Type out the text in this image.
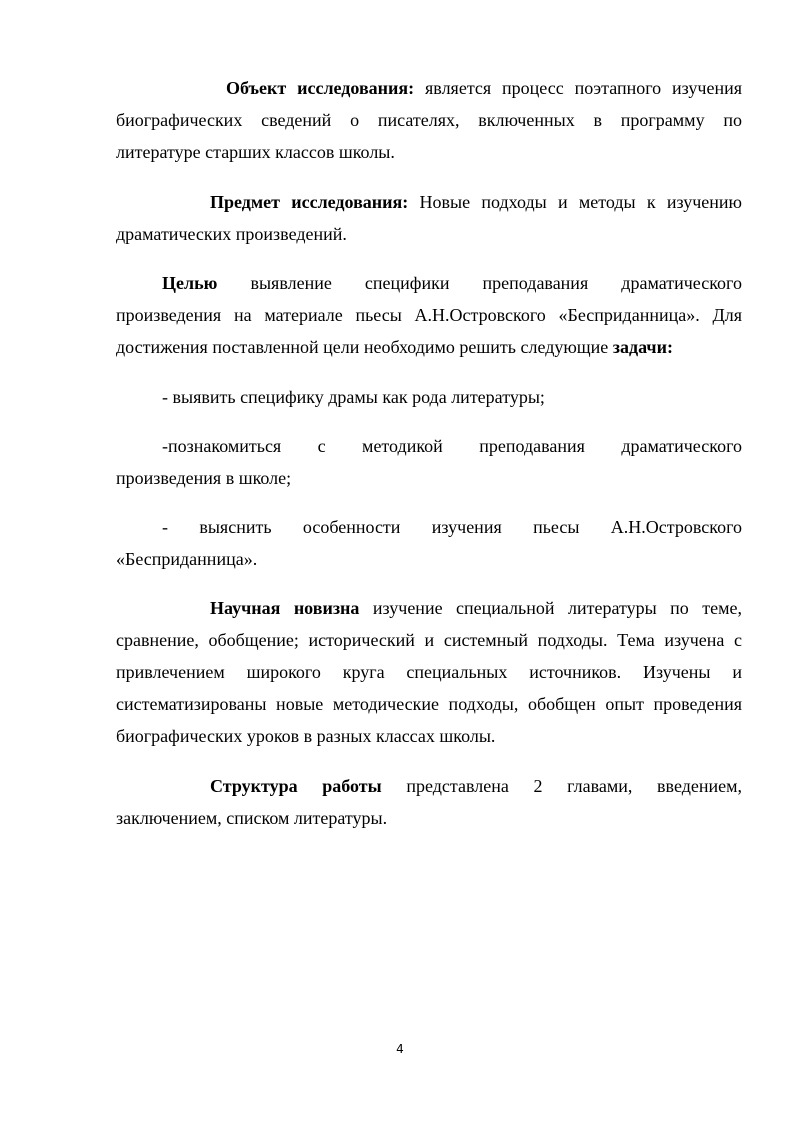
Объект исследования: является процесс поэтапного изучения
биографических сведений о писателях, включенных в программу по
литературе старших классов школы.
Предмет исследования: Новые подходы и методы к изучению
драматических произведений.
Целью выявление специфики преподавания драматического
произведения на материале пьесы А.Н.Островского «Бесприданница». Для
достижения поставленной цели необходимо решить следующие задачи:
- выявить специфику драмы как рода литературы;
-познакомиться с методикой преподавания драматического
произведения в школе;
- выяснить особенности изучения пьесы А.Н.Островского
«Бесприданница».
Научная новизна изучение специальной литературы по теме,
сравнение, обобщение; исторический и системный подходы. Тема изучена с
привлечением широкого круга специальных источников. Изучены и
систематизированы новые методические подходы, обобщен опыт проведения
биографических уроков в разных классах школы.
Структура работы представлена 2 главами, введением,
заключением, списком литературы.
4
